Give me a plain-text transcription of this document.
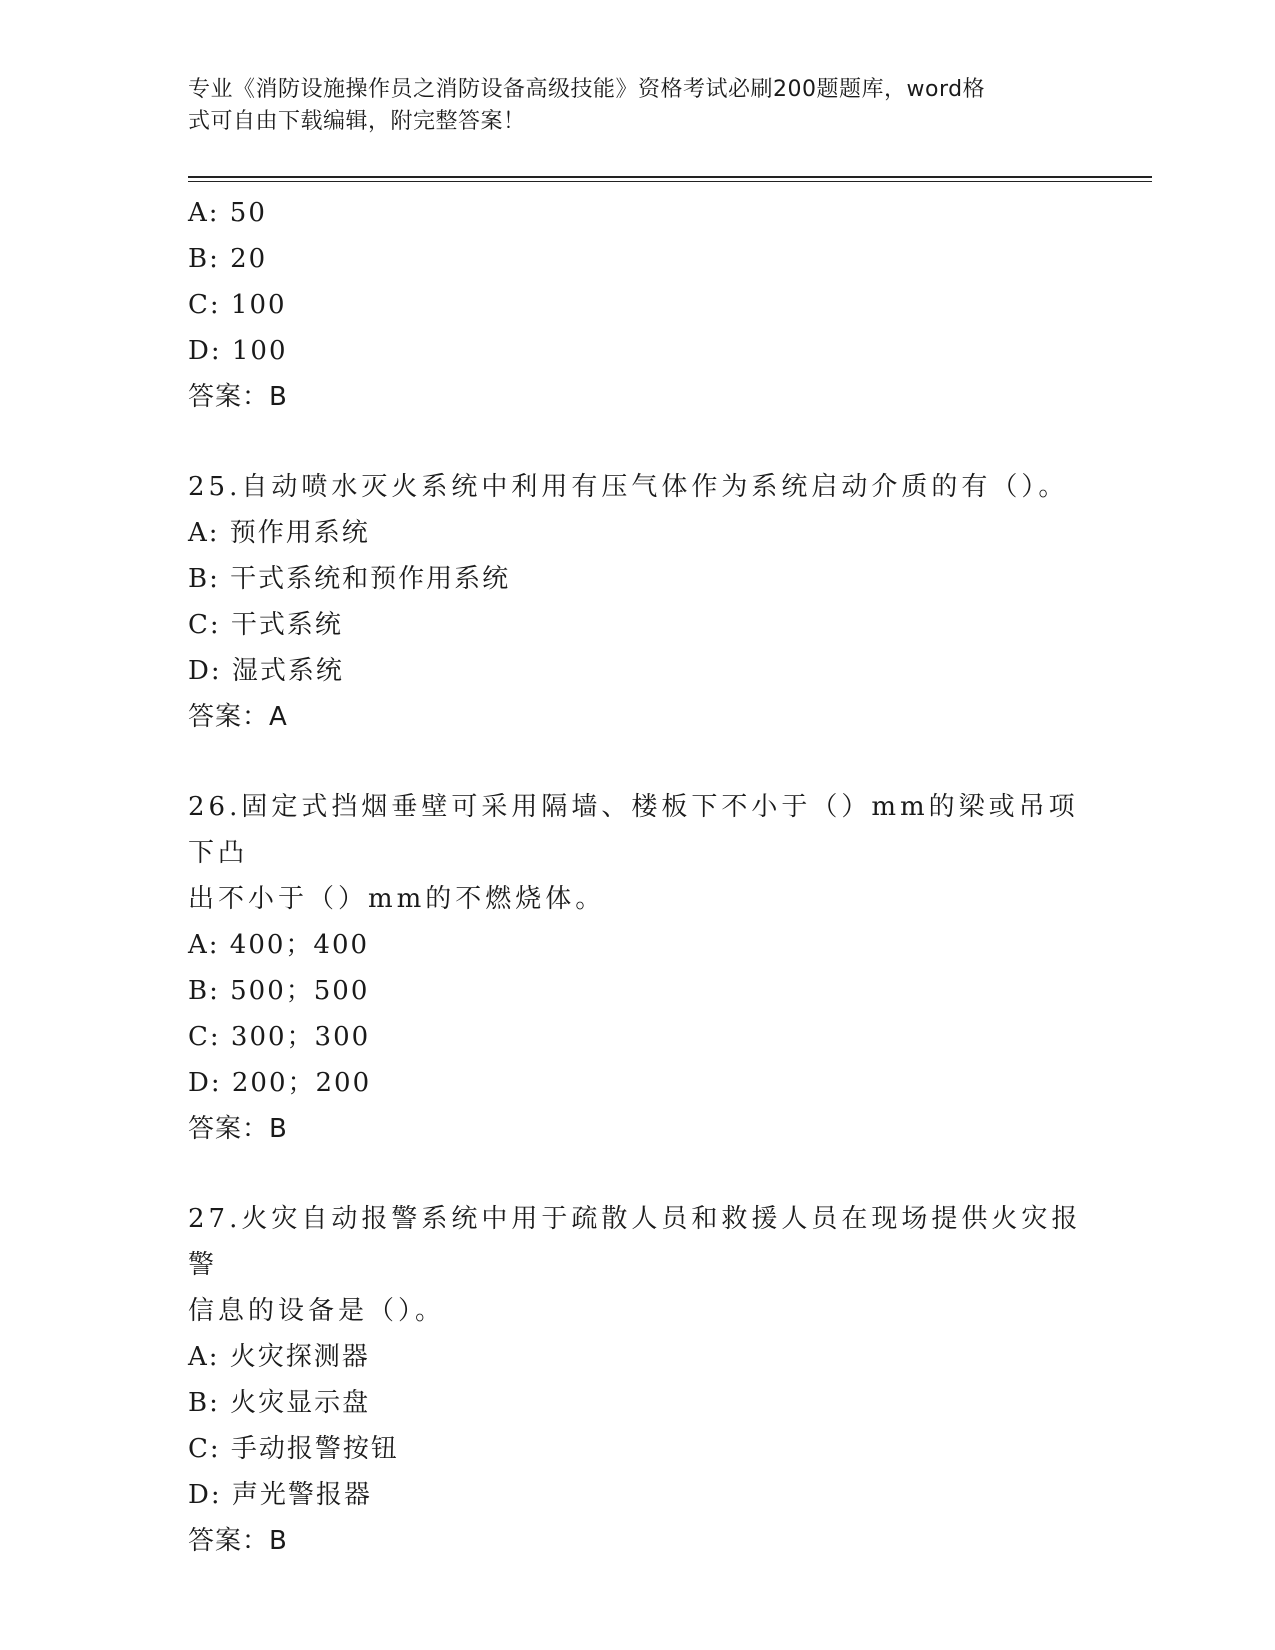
专业《消防设施操作员之消防设备高级技能》资格考试必刷200题题库，word格
式可自由下载编辑，附完整答案！
A: 50
B: 20
C: 100
D: 100
答案：B
25.自动喷水灭火系统中利用有压气体作为系统启动介质的有（）。
A: 预作用系统
B: 干式系统和预作用系统
C: 干式系统
D: 湿式系统
答案：A
26.固定式挡烟垂壁可采用隔墙、楼板下不小于（）mm的梁或吊项下凸
出不小于（）mm的不燃烧体。
A: 400；400
B: 500；500
C: 300；300
D: 200；200
答案：B
27.火灾自动报警系统中用于疏散人员和救援人员在现场提供火灾报警
信息的设备是（）。
A: 火灾探测器
B: 火灾显示盘
C: 手动报警按钮
D: 声光警报器
答案：B
